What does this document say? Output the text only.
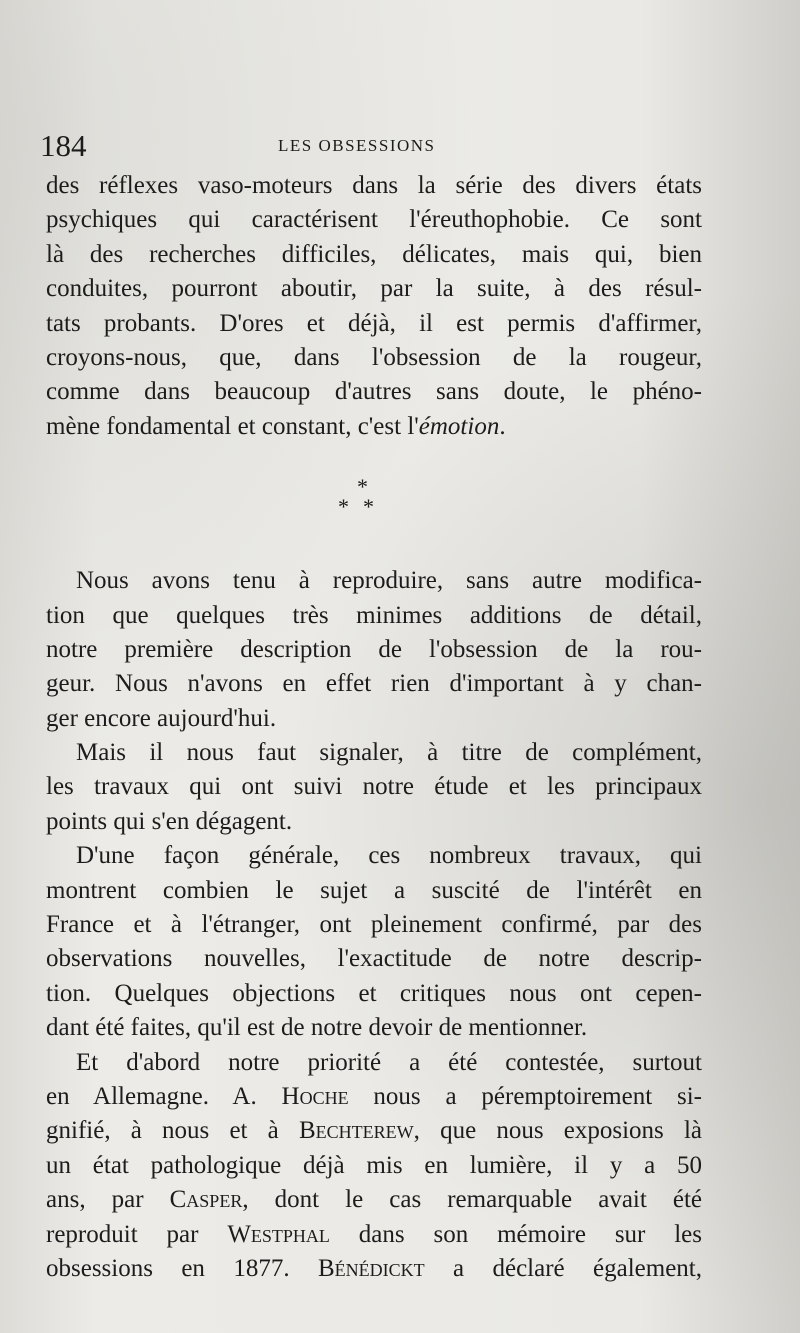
184	LES OBSESSIONS
des réflexes vaso-moteurs dans la série des divers états
psychiques qui caractérisent l'éreuthophobie. Ce sont
là des recherches difficiles, délicates, mais qui, bien
conduites, pourront aboutir, par la suite, à des résul-
tats probants. D'ores et déjà, il est permis d'affirmer,
croyons-nous, que, dans l'obsession de la rougeur,
comme dans beaucoup d'autres sans doute, le phéno-
mène fondamental et constant, c'est l'émotion.
*
**
Nous avons tenu à reproduire, sans autre modifica-
tion que quelques très minimes additions de détail,
notre première description de l'obsession de la rou-
geur. Nous n'avons en effet rien d'important à y chan-
ger encore aujourd'hui.
Mais il nous faut signaler, à titre de complément,
les travaux qui ont suivi notre étude et les principaux
points qui s'en dégagent.
D'une façon générale, ces nombreux travaux, qui
montrent combien le sujet a suscité de l'intérêt en
France et à l'étranger, ont pleinement confirmé, par des
observations nouvelles, l'exactitude de notre descrip-
tion. Quelques objections et critiques nous ont cepen-
dant été faites, qu'il est de notre devoir de mentionner.
Et d'abord notre priorité a été contestée, surtout
en Allemagne. A. Hoche nous a péremptoirement si-
gnifié, à nous et à Bechterew, que nous exposions là
un état pathologique déjà mis en lumière, il y a 50
ans, par Casper, dont le cas remarquable avait été
reproduit par Westphal dans son mémoire sur les
obsessions en 1877. Bénédickt a déclaré également,
